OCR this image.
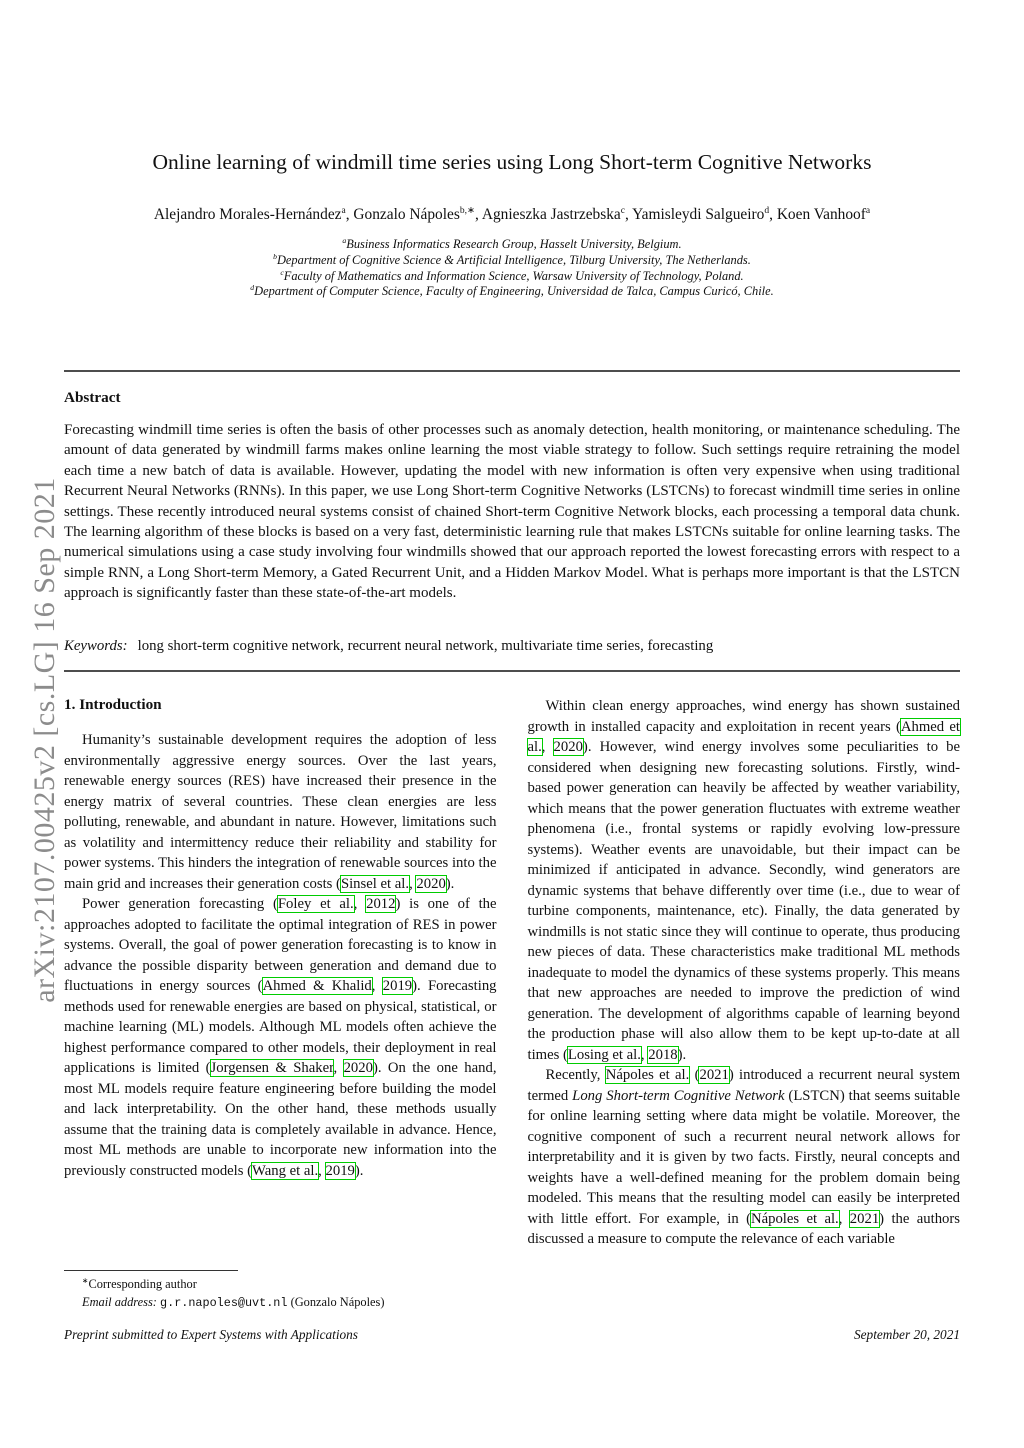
arXiv:2107.00425v2 [cs.LG] 16 Sep 2021
Online learning of windmill time series using Long Short-term Cognitive Networks
Alejandro Morales-Hernández$^a$, Gonzalo Nápoles$^{b,∗}$, Agnieszka Jastrzebska$^c$, Yamisleydi Salgueiro$^d$, Koen Vanhoof$^a$
$^a$Business Informatics Research Group, Hasselt University, Belgium.
$^b$Department of Cognitive Science & Artificial Intelligence, Tilburg University, The Netherlands.
$^c$Faculty of Mathematics and Information Science, Warsaw University of Technology, Poland.
$^d$Department of Computer Science, Faculty of Engineering, Universidad de Talca, Campus Curicó, Chile.
Abstract

Forecasting windmill time series is often the basis of other processes such as anomaly detection, health monitoring, or maintenance scheduling. The amount of data generated by windmill farms makes online learning the most viable strategy to follow. Such settings require retraining the model each time a new batch of data is available. However, updating the model with new information is often very expensive when using traditional Recurrent Neural Networks (RNNs). In this paper, we use Long Short-term Cognitive Networks (LSTCNs) to forecast windmill time series in online settings. These recently introduced neural systems consist of chained Short-term Cognitive Network blocks, each processing a temporal data chunk. The learning algorithm of these blocks is based on a very fast, deterministic learning rule that makes LSTCNs suitable for online learning tasks. The numerical simulations using a case study involving four windmills showed that our approach reported the lowest forecasting errors with respect to a simple RNN, a Long Short-term Memory, a Gated Recurrent Unit, and a Hidden Markov Model. What is perhaps more important is that the LSTCN approach is significantly faster than these state-of-the-art models.

Keywords: long short-term cognitive network, recurrent neural network, multivariate time series, forecasting
1. Introduction

Humanity’s sustainable development requires the adoption of less environmentally aggressive energy sources. Over the last years, renewable energy sources (RES) have increased their presence in the energy matrix of several countries. These clean energies are less polluting, renewable, and abundant in nature. However, limitations such as volatility and intermittency reduce their reliability and stability for power systems. This hinders the integration of renewable sources into the main grid and increases their generation costs (Sinsel et al., 2020).

Power generation forecasting (Foley et al., 2012) is one of the approaches adopted to facilitate the optimal integration of RES in power systems. Overall, the goal of power generation forecasting is to know in advance the possible disparity between generation and demand due to fluctuations in energy sources (Ahmed & Khalid, 2019). Forecasting methods used for renewable energies are based on physical, statistical, or machine learning (ML) models. Although ML models often achieve the highest performance compared to other models, their deployment in real applications is limited (Jorgensen & Shaker, 2020). On the one hand, most ML models require feature engineering before building the model and lack interpretability. On the other hand, these methods usually assume that the training data is completely available in advance. Hence, most ML methods are unable to incorporate new information into the previously constructed models (Wang et al., 2019).

Within clean energy approaches, wind energy has shown sustained growth in installed capacity and exploitation in recent years (Ahmed et al., 2020). However, wind energy involves some peculiarities to be considered when designing new forecasting solutions. Firstly, wind-based power generation can heavily be affected by weather variability, which means that the power generation fluctuates with extreme weather phenomena (i.e., frontal systems or rapidly evolving low-pressure systems). Weather events are unavoidable, but their impact can be minimized if anticipated in advance. Secondly, wind generators are dynamic systems that behave differently over time (i.e., due to wear of turbine components, maintenance, etc). Finally, the data generated by windmills is not static since they will continue to operate, thus producing new pieces of data. These characteristics make traditional ML methods inadequate to model the dynamics of these systems properly. This means that new approaches are needed to improve the prediction of wind generation. The development of algorithms capable of learning beyond the production phase will also allow them to be kept up-to-date at all times (Losing et al., 2018).

Recently, Nápoles et al. (2021) introduced a recurrent neural system termed Long Short-term Cognitive Network (LSTCN) that seems suitable for online learning setting where data might be volatile. Moreover, the cognitive component of such a recurrent neural network allows for interpretability and it is given by two facts. Firstly, neural concepts and weights have a well-defined meaning for the problem domain being modeled. This means that the resulting model can easily be interpreted with little effort. For example, in (Nápoles et al., 2021) the authors discussed a measure to compute the relevance of each variable

∗Corresponding author
Email address: g.r.napoles@uvt.nl (Gonzalo Nápoles)
Preprint submitted to Expert Systems with Applications	September 20, 2021
